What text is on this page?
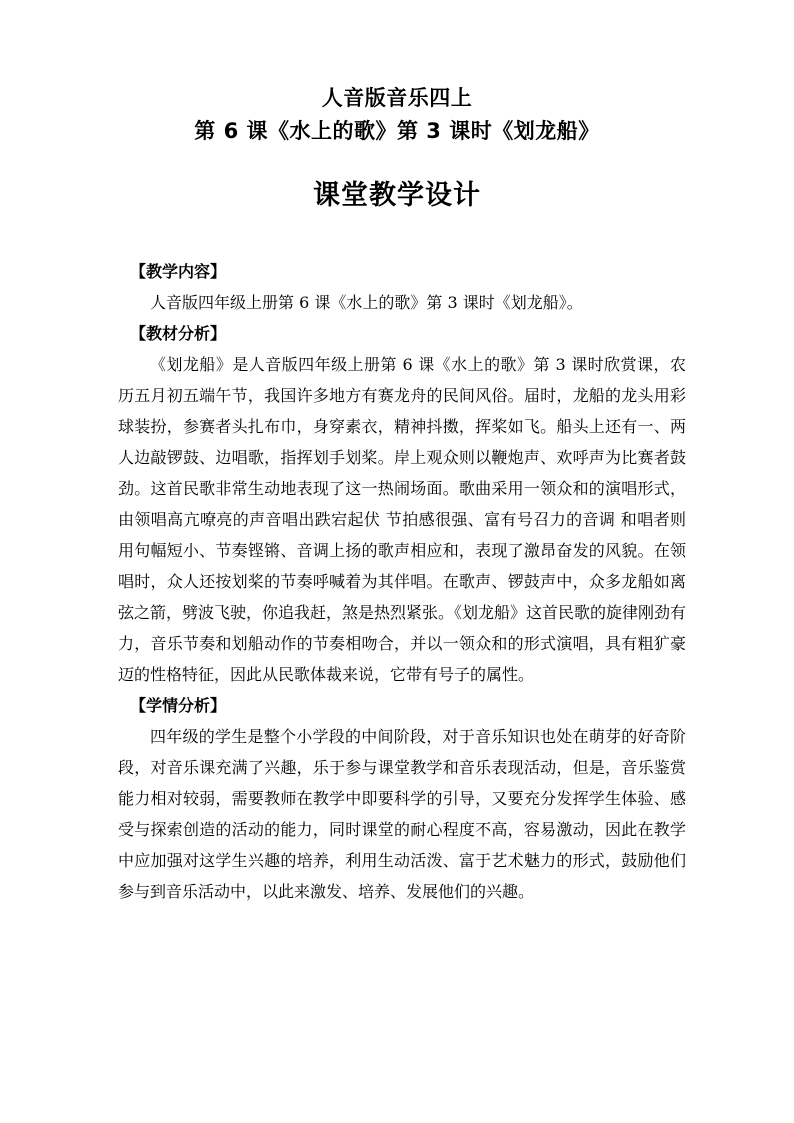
人音版音乐四上
第 6 课《水上的歌》第 3 课时《划龙船》
课堂教学设计
【教学内容】

人音版四年级上册第 6 课《水上的歌》第 3 课时《划龙船》。

【教材分析】

《划龙船》是人音版四年级上册第 6 课《水上的歌》第 3 课时欣赏课，农历五月初五端午节，我国许多地方有赛龙舟的民间风俗。届时，龙船的龙头用彩球装扮，参赛者头扎布巾，身穿素衣，精神抖擞，挥桨如飞。船头上还有一、两人边敲锣鼓、边唱歌，指挥划手划桨。岸上观众则以鞭炮声、欢呼声为比赛者鼓劲。这首民歌非常生动地表现了这一热闹场面。歌曲采用一领众和的演唱形式，由领唱高亢嘹亮的声音唱出跌宕起伏 节拍感很强、富有号召力的音调 和唱者则用句幅短小、节奏铿锵、音调上扬的歌声相应和，表现了激昂奋发的风貌。在领唱时，众人还按划桨的节奏呼喊着为其伴唱。在歌声、锣鼓声中，众多龙船如离弦之箭，劈波飞驶，你追我赶，煞是热烈紧张。《划龙船》这首民歌的旋律刚劲有力，音乐节奏和划船动作的节奏相吻合，并以一领众和的形式演唱，具有粗犷豪迈的性格特征，因此从民歌体裁来说，它带有号子的属性。

【学情分析】

四年级的学生是整个小学段的中间阶段，对于音乐知识也处在萌芽的好奇阶段，对音乐课充满了兴趣，乐于参与课堂教学和音乐表现活动，但是，音乐鉴赏能力相对较弱，需要教师在教学中即要科学的引导，又要充分发挥学生体验、感受与探索创造的活动的能力，同时课堂的耐心程度不高，容易激动，因此在教学中应加强对这学生兴趣的培养，利用生动活泼、富于艺术魅力的形式，鼓励他们参与到音乐活动中，以此来激发、培养、发展他们的兴趣。
